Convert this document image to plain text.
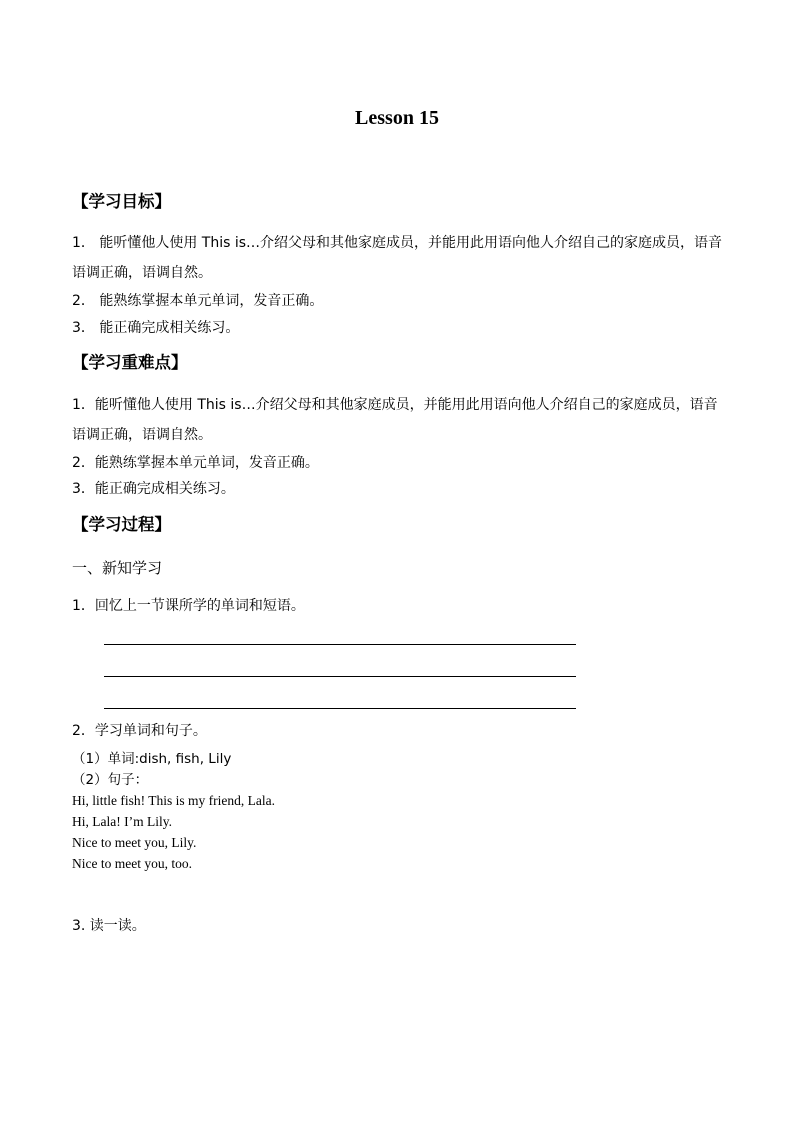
Lesson 15
【学习目标】
1． 能听懂他人使用 This is…介绍父母和其他家庭成员，并能用此用语向他人介绍自己的家庭成员，语音语调正确，语调自然。
2． 能熟练掌握本单元单词，发音正确。
3． 能正确完成相关练习。
【学习重难点】
1．能听懂他人使用 This is…介绍父母和其他家庭成员，并能用此用语向他人介绍自己的家庭成员，语音语调正确，语调自然。
2．能熟练掌握本单元单词，发音正确。
3．能正确完成相关练习。
【学习过程】
一、新知学习
1．回忆上一节课所学的单词和短语。
2．学习单词和句子。
（1）单词:dish, fish, Lily
（2）句子：
Hi, little fish! This is my friend, Lala.
Hi, Lala! I’m Lily.
Nice to meet you, Lily.
Nice to meet you, too.
3. 读一读。
